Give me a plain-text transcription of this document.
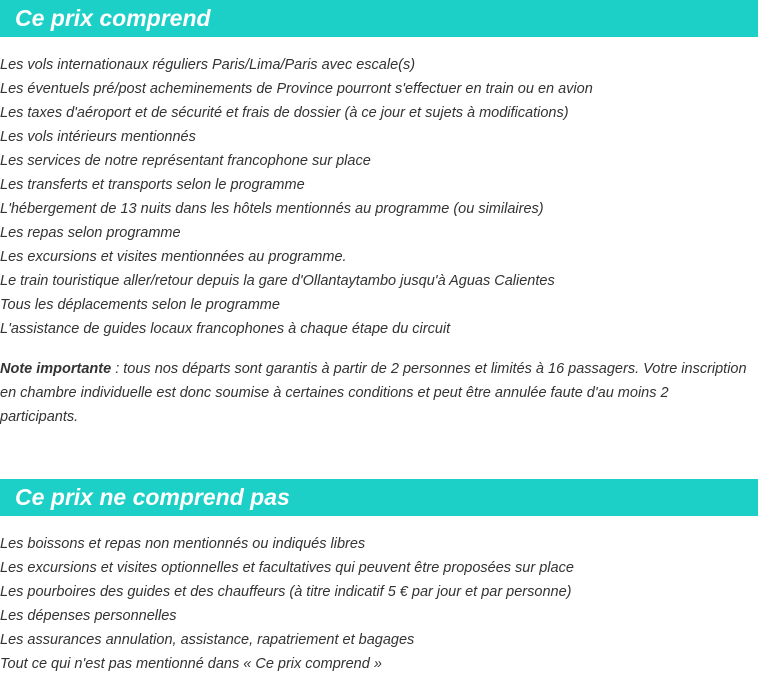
Ce prix comprend
Les vols internationaux réguliers Paris/Lima/Paris avec escale(s)
Les éventuels pré/post acheminements de Province pourront s'effectuer en train ou en avion
Les taxes d'aéroport et de sécurité et frais de dossier (à ce jour et sujets à modifications)
Les vols intérieurs mentionnés
Les services de notre représentant francophone sur place
Les transferts et transports selon le programme
L'hébergement de 13 nuits dans les hôtels mentionnés au programme (ou similaires)
Les repas selon programme
Les excursions et visites mentionnées au programme.
Le train touristique aller/retour depuis la gare d'Ollantaytambo jusqu'à Aguas Calientes
Tous les déplacements selon le programme
L'assistance de guides locaux francophones à chaque étape du circuit

Note importante : tous nos départs sont garantis à partir de 2 personnes et limités à 16 passagers. Votre inscription en chambre individuelle est donc soumise à certaines conditions et peut être annulée faute d'au moins 2 participants.

Ce prix ne comprend pas
Les boissons et repas non mentionnés ou indiqués libres
Les excursions et visites optionnelles et facultatives qui peuvent être proposées sur place
Les pourboires des guides et des chauffeurs (à titre indicatif 5 € par jour et par personne)
Les dépenses personnelles
Les assurances annulation, assistance, rapatriement et bagages
Tout ce qui n'est pas mentionné dans « Ce prix comprend »
